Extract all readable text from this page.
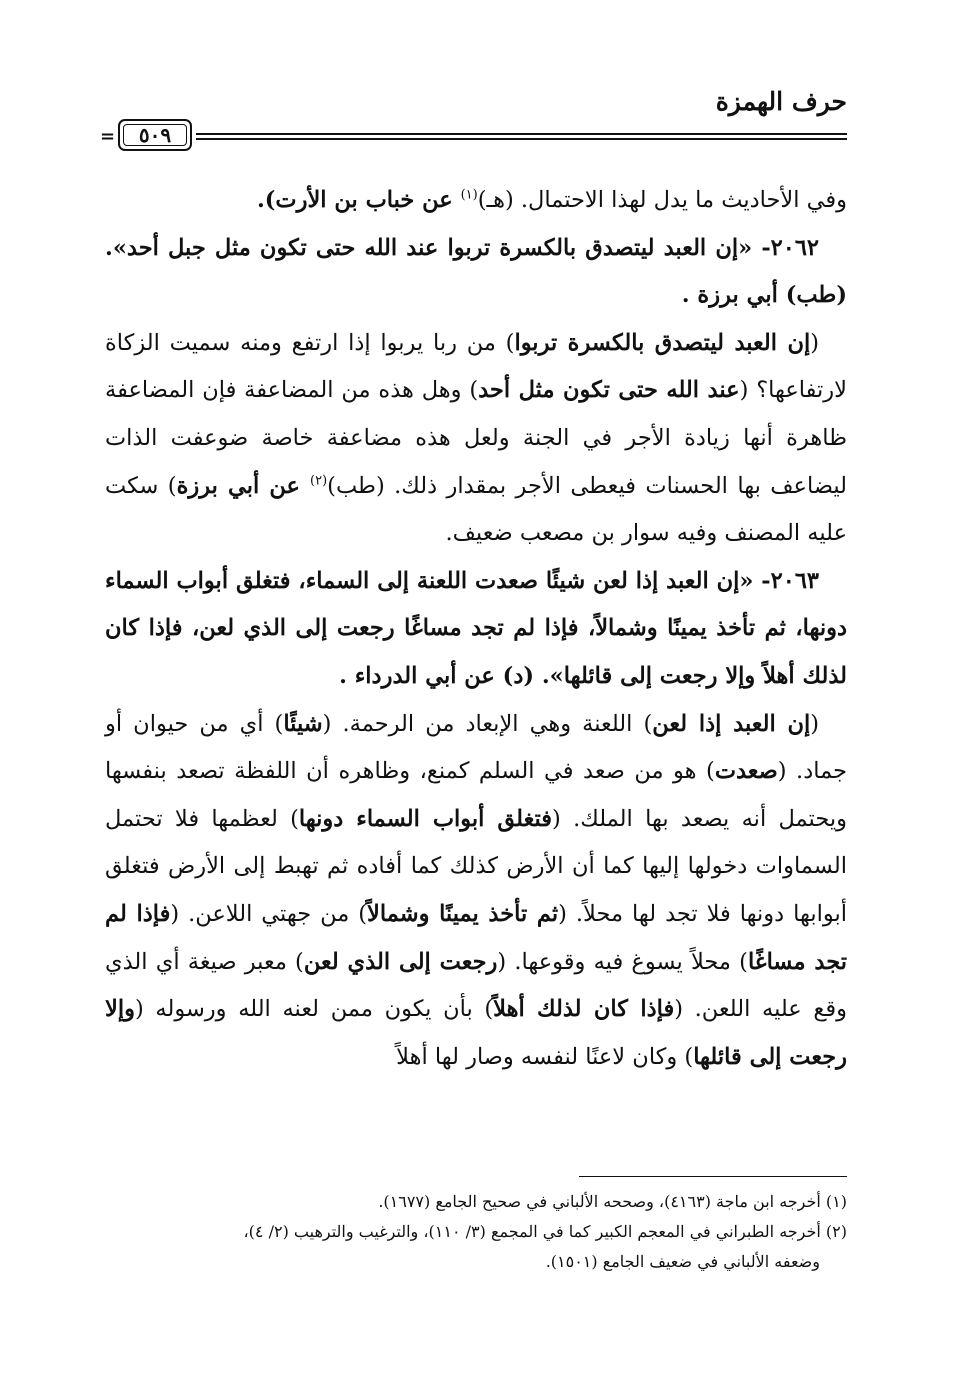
حرف الهمزة
٥٠٩
=

وفي الأحاديث ما يدل لهذا الاحتمال. (هـ)$^{(١)}$ عن خباب بن الأرت).

٢٠٦٢- «إن العبد ليتصدق بالكسرة تربوا عند الله حتى تكون مثل جبل أحد». (طب) أبي برزة .

(إن العبد ليتصدق بالكسرة تربوا) من ربا يربوا إذا ارتفع ومنه سميت الزكاة لارتفاعها؟ (عند الله حتى تكون مثل أحد) وهل هذه من المضاعفة فإن المضاعفة ظاهرة أنها زيادة الأجر في الجنة ولعل هذه مضاعفة خاصة ضوعفت الذات ليضاعف بها الحسنات فيعطى الأجر بمقدار ذلك. (طب)$^{(٢)}$ عن أبي برزة) سكت عليه المصنف وفيه سوار بن مصعب ضعيف.

٢٠٦٣- «إن العبد إذا لعن شيئًا صعدت اللعنة إلى السماء، فتغلق أبواب السماء دونها، ثم تأخذ يمينًا وشمالاً، فإذا لم تجد مساغًا رجعت إلى الذي لعن، فإذا كان لذلك أهلاً وإلا رجعت إلى قائلها». (د) عن أبي الدرداء .

(إن العبد إذا لعن) اللعنة وهي الإبعاد من الرحمة. (شيئًا) أي من حيوان أو جماد. (صعدت) هو من صعد في السلم كمنع، وظاهره أن اللفظة تصعد بنفسها ويحتمل أنه يصعد بها الملك. (فتغلق أبواب السماء دونها) لعظمها فلا تحتمل السماوات دخولها إليها كما أن الأرض كذلك كما أفاده ثم تهبط إلى الأرض فتغلق أبوابها دونها فلا تجد لها محلاً. (ثم تأخذ يمينًا وشمالاً) من جهتي اللاعن. (فإذا لم تجد مساغًا) محلاً يسوغ فيه وقوعها. (رجعت إلى الذي لعن) معبر صيغة أي الذي وقع عليه اللعن. (فإذا كان لذلك أهلاً) بأن يكون ممن لعنه الله ورسوله (وإلا رجعت إلى قائلها) وكان لاعنًا لنفسه وصار لها أهلاً

(١) أخرجه ابن ماجة (٤١٦٣)، وصححه الألباني في صحيح الجامع (١٦٧٧).

(٢) أخرجه الطبراني في المعجم الكبير كما في المجمع (٣/ ١١٠)، والترغيب والترهيب (٢/ ٤)،

وضعفه الألباني في ضعيف الجامع (١٥٠١).
